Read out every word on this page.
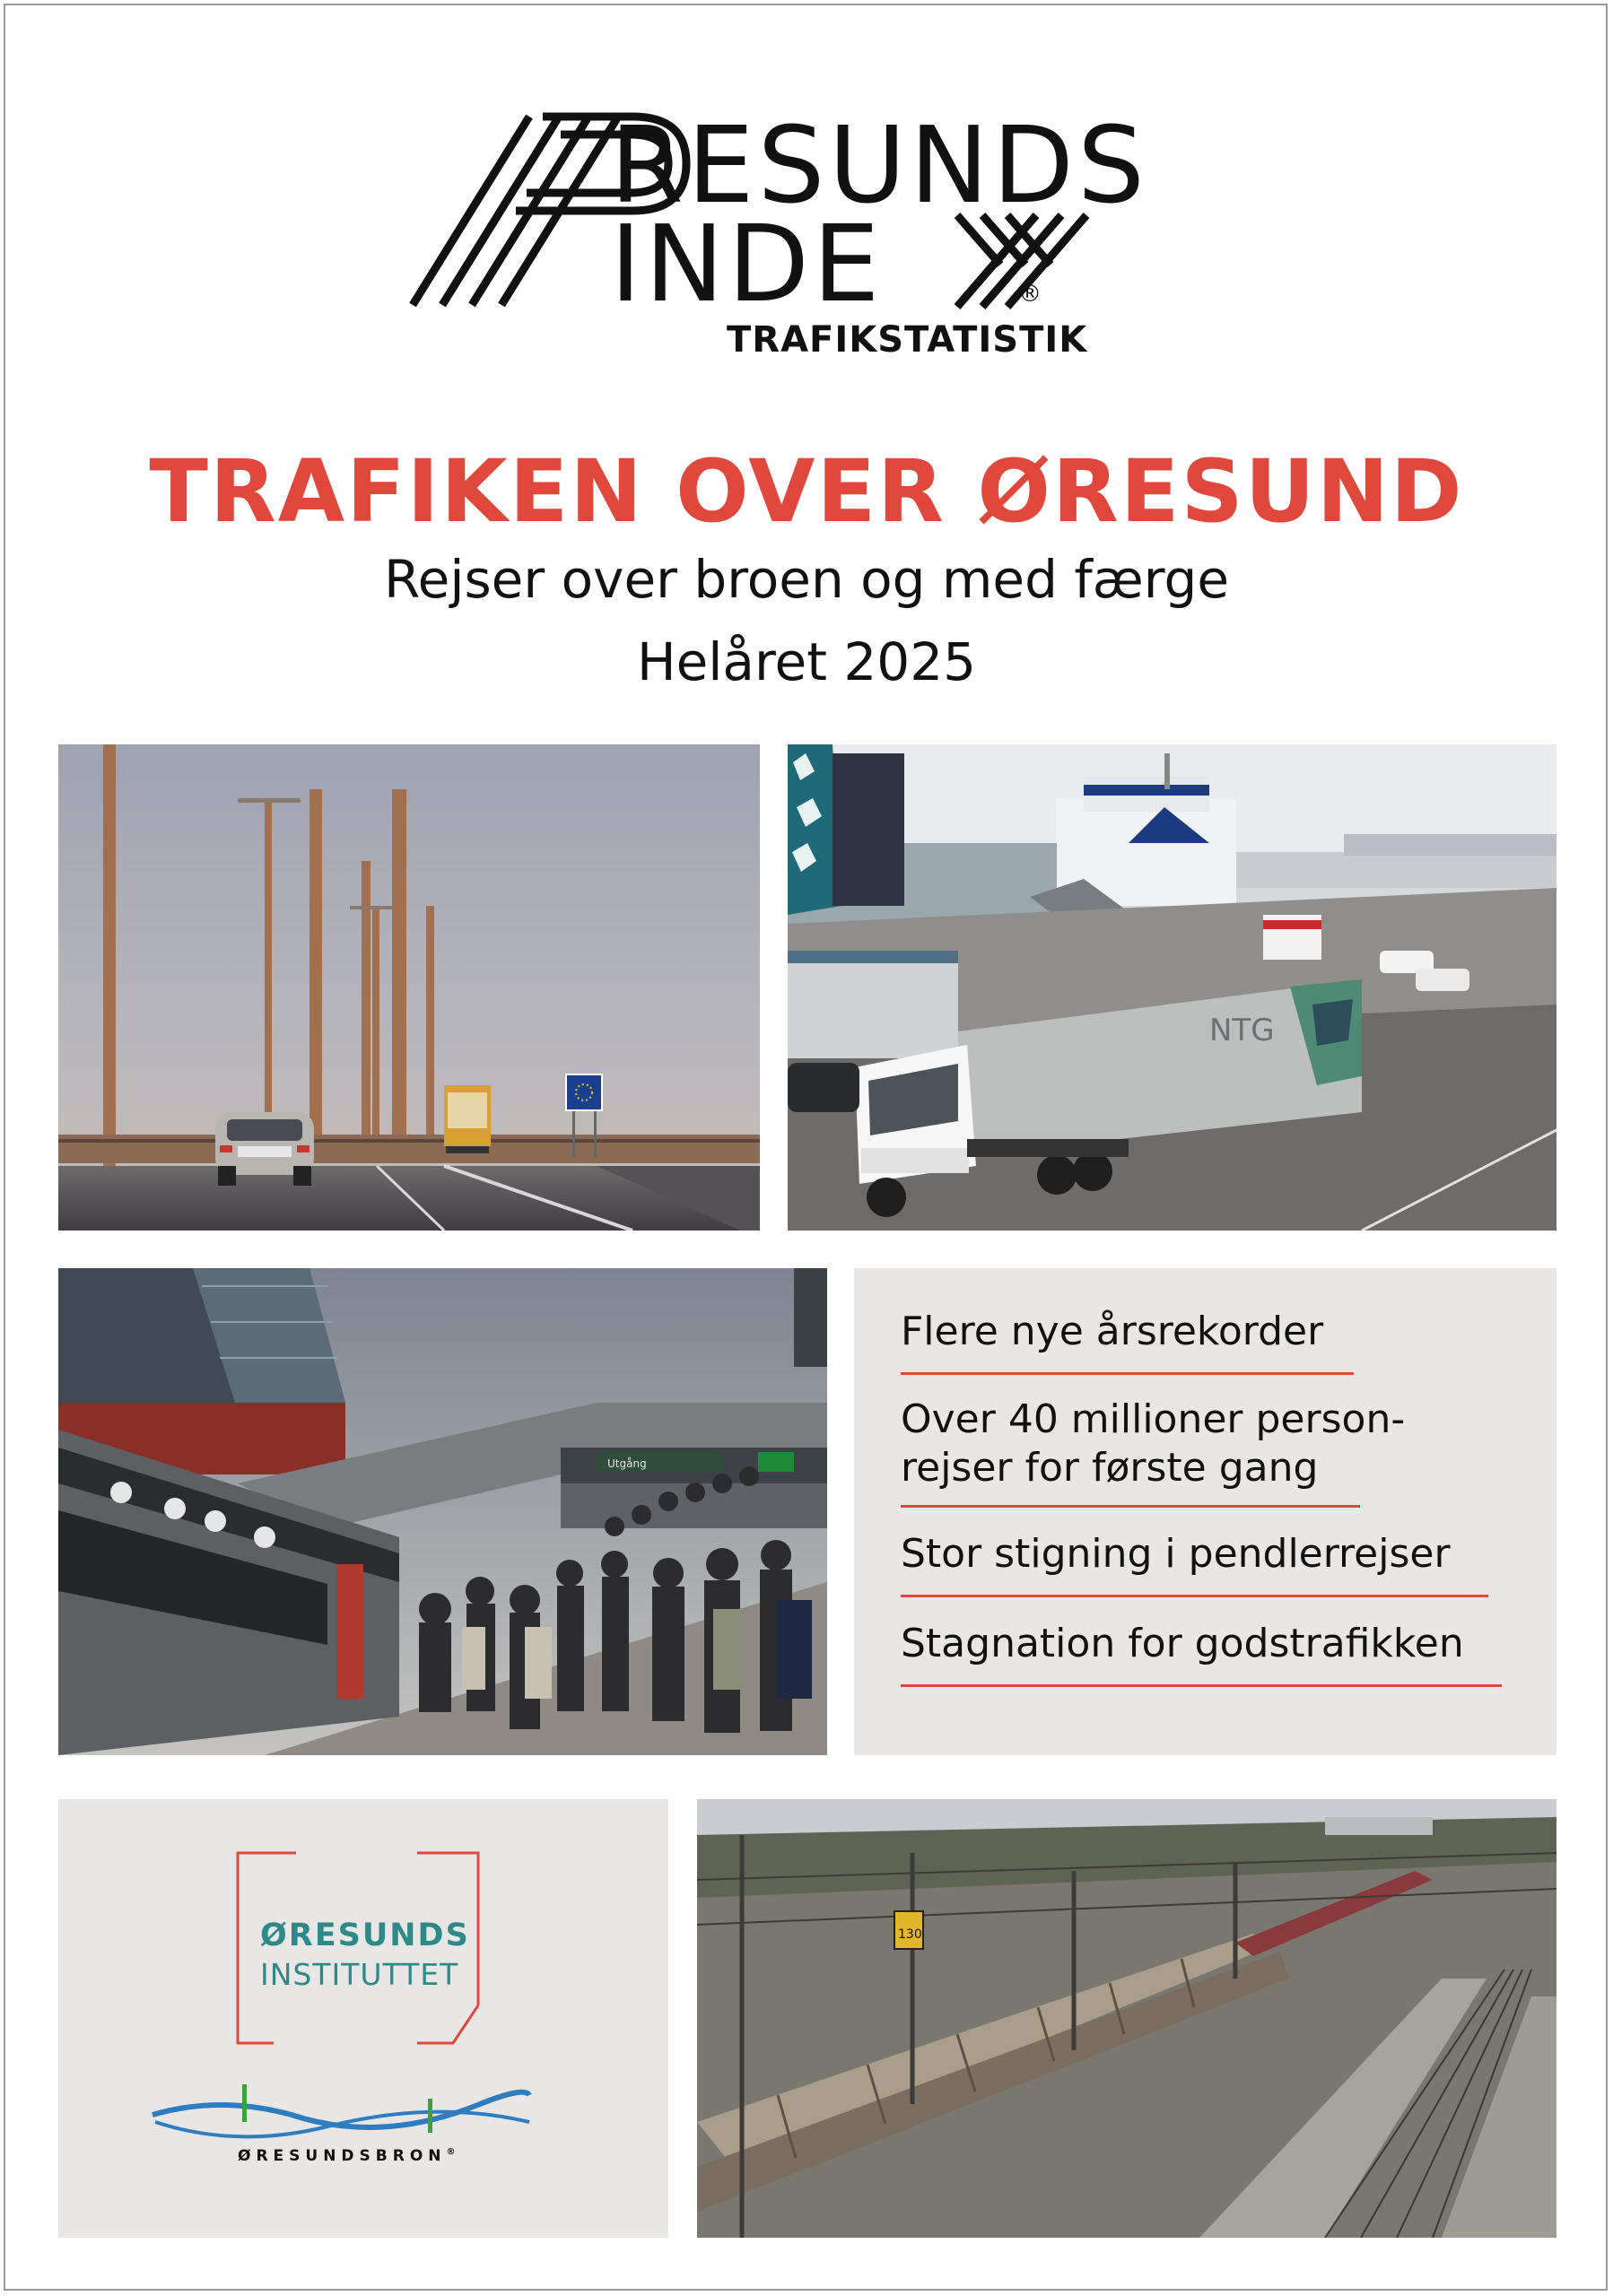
RESUNDS
INDE	®
TRAFIKSTATISTIK
TRAFIKEN OVER ØRESUND
Rejser over broen og med færge
Helåret 2025
NTG
Utgång
Flere nye årsrekorder
Over 40 millioner person-
rejser for første gang
Stor stigning i pendlerrejser
Stagnation for godstrafikken
ØRESUNDS
INSTITUTTET
ØRESUNDSBRON®
130
